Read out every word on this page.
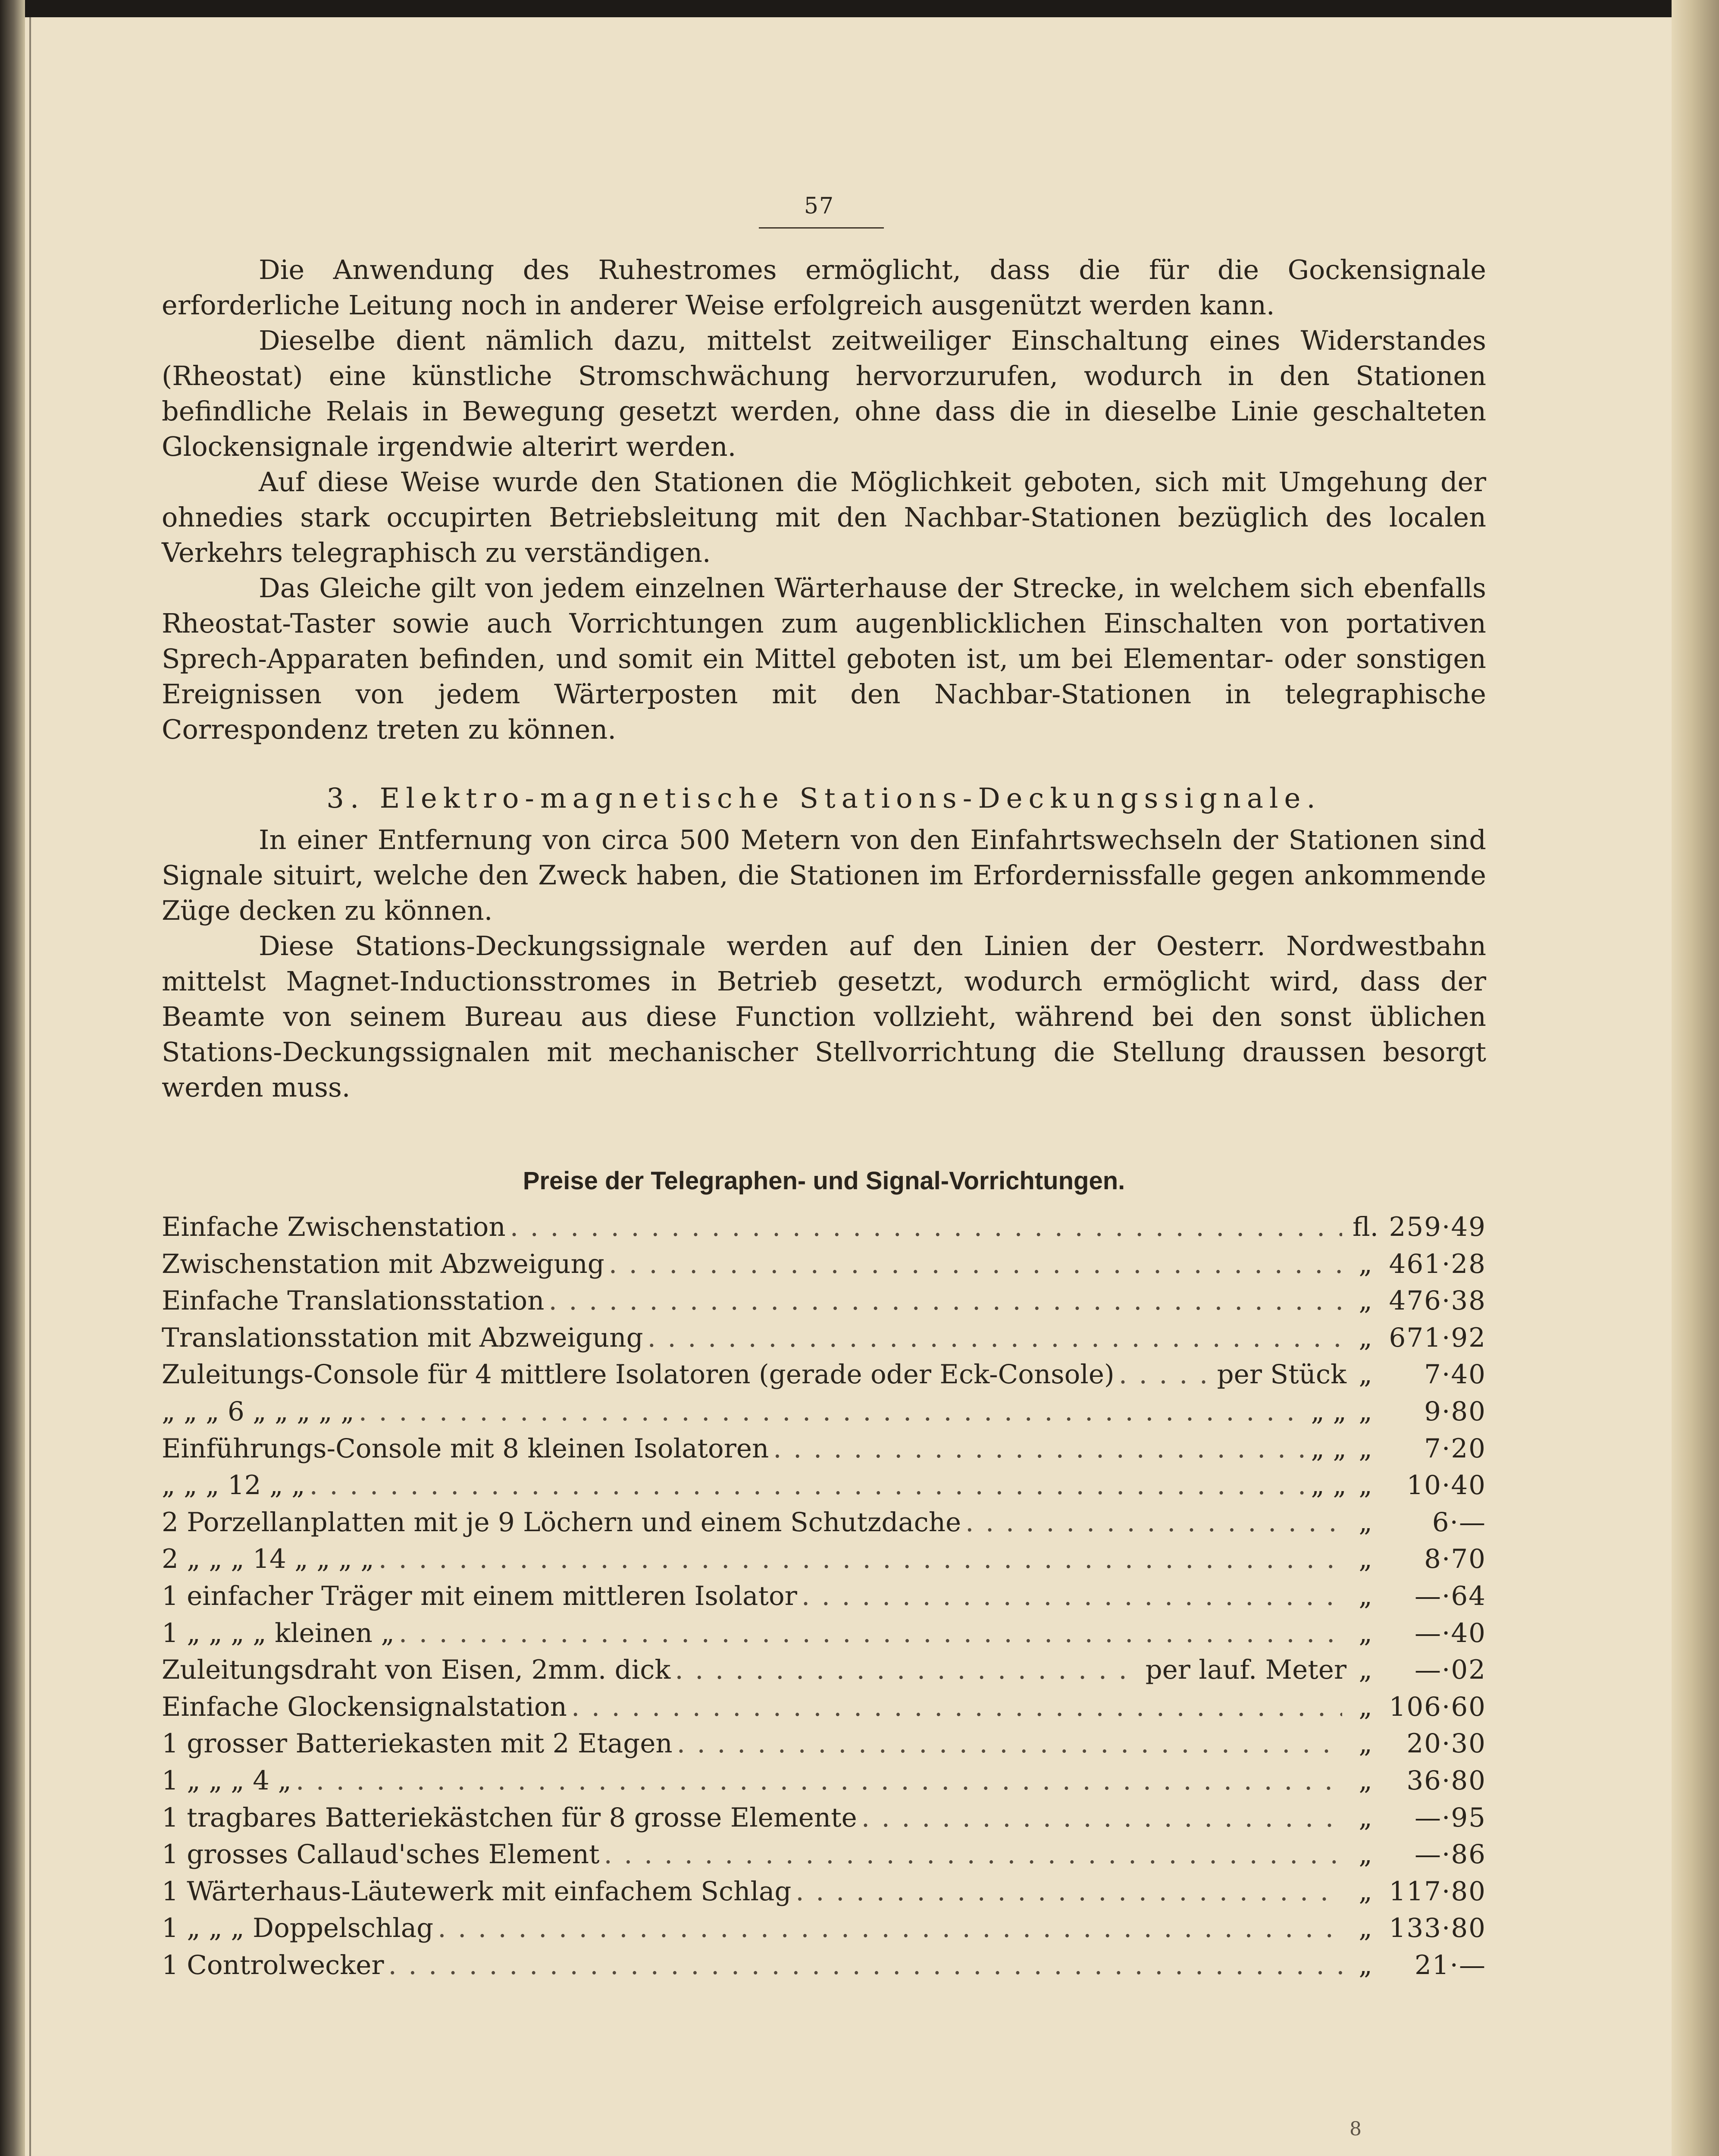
57

Die Anwendung des Ruhestromes ermöglicht, dass die für die Gockensignale erforderliche Leitung noch in anderer Weise erfolgreich ausgenützt werden kann.

Dieselbe dient nämlich dazu, mittelst zeitweiliger Einschaltung eines Widerstandes (Rheostat) eine künstliche Stromschwächung hervorzurufen, wodurch in den Stationen befindliche Relais in Bewegung gesetzt werden, ohne dass die in dieselbe Linie geschalteten Glockensignale irgendwie alterirt werden.

Auf diese Weise wurde den Stationen die Möglichkeit geboten, sich mit Umgehung der ohnedies stark occupirten Betriebsleitung mit den Nachbar-Stationen bezüglich des localen Verkehrs telegraphisch zu verständigen.

Das Gleiche gilt von jedem einzelnen Wärterhause der Strecke, in welchem sich ebenfalls Rheostat-Taster sowie auch Vorrichtungen zum augenblicklichen Einschalten von portativen Sprech-Apparaten befinden, und somit ein Mittel geboten ist, um bei Elementar- oder sonstigen Ereignissen von jedem Wärterposten mit den Nachbar-Stationen in telegraphische Correspondenz treten zu können.

3. Elektro-magnetische Stations-Deckungssignale.

In einer Entfernung von circa 500 Metern von den Einfahrtswechseln der Stationen sind Signale situirt, welche den Zweck haben, die Stationen im Erfordernissfalle gegen ankommende Züge decken zu können.

Diese Stations-Deckungssignale werden auf den Linien der Oesterr. Nordwestbahn mittelst Magnet-Inductionsstromes in Betrieb gesetzt, wodurch ermöglicht wird, dass der Beamte von seinem Bureau aus diese Function vollzieht, während bei den sonst üblichen Stations-Deckungssignalen mit mechanischer Stellvorrichtung die Stellung draussen besorgt werden muss.

Preise der Telegraphen- und Signal-Vorrichtungen.
Einfache Zwischenstation . . .	fl. 259·49
Zwischenstation mit Abzweigung . . .	„ 461·28
Einfache Translationsstation . . .	„ 476·38
Translationsstation mit Abzweigung . . .	„ 671·92
Zuleitungs-Console für 4 mittlere Isolatoren (gerade oder Eck-Console) . . .	per Stück „	7·40
„ „ „ 6 „ „ „ „ „ . . .	„ „ „	9·80
Einführungs-Console mit 8 kleinen Isolatoren . . .	„ „ „	7·20
„ „ „ 12 „ „ . . .	„ „ „	10·40
2 Porzellanplatten mit je 9 Löchern und einem Schutzdache . . .	„	6·—
2 „ „ „ 14 „ „ „ „ . . .	„	8·70
1 einfacher Träger mit einem mittleren Isolator . . .	„	—·64
1 „ „ „ „ kleinen „ . . .	„	—·40
Zuleitungsdraht von Eisen, 2mm. dick . . .	per lauf. Meter „	—·02
Einfache Glockensignalstation . . .	„ 106·60
1 grosser Batteriekasten mit 2 Etagen . . .	„	20·30
1 „ „ „ 4 „ . . .	„	36·80
1 tragbares Batteriekästchen für 8 grosse Elemente . . .	„	—·95
1 grosses Callaud'sches Element . . .	„	—·86
1 Wärterhaus-Läutewerk mit einfachem Schlag . . .	„ 117·80
1 „ „ „ Doppelschlag . . .	„ 133·80
1 Controlwecker . . .	„	21·—
8
